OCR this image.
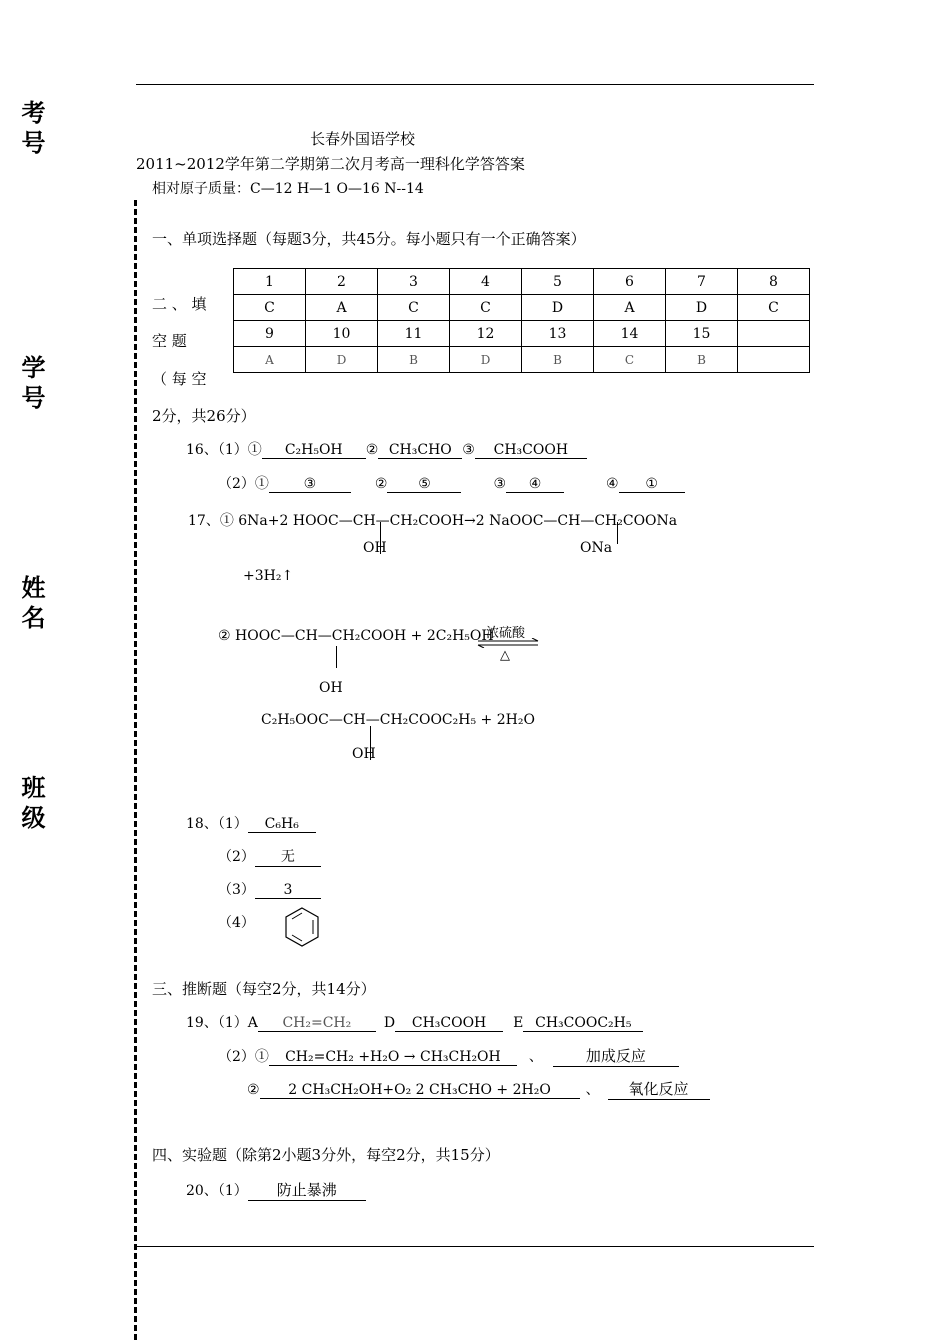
考号
学号
姓名
班级
长春外国语学校
2011~2012学年第二学期第二次月考高一理科化学答答案
相对原子质量：C—12 H—1 O—16 N--14
一、单项选择题（每题3分，共45分。每小题只有一个正确答案）
1	2	3	4	5	6	7	8
C	A	C	C	D	A	D	C
9	10	11	12	13	14	15	
A	D	B	D	B	C	B	
二 、 填
空 题
（ 每 空
2分，共26分）
16、（1）① C₂H₅OH ② CH₃CHO ③ CH₃COOH
（2）① ③	② ⑤	③ ④	④ ①
17、① 6Na+2 HOOC—CH—CH₂COOH→2 NaOOC—CH—CH₂COONa
OH	ONa
+3H₂↑
② HOOC—CH—CH₂COOH + 2C₂H₅OH
浓硫酸
△
OH
C₂H₅OOC—CH—CH₂COOC₂H₅ + 2H₂O
OH
18、（1） C₆H₆
（2） 无
（3） 3
（4）
三、推断题（每空2分，共14分）
19、（1）A CH₂=CH₂ D CH₃COOH E CH₃COOC₂H₅
（2）① CH₂=CH₂ +H₂O → CH₃CH₂OH 、	加成反应
② 2 CH₃CH₂OH+O₂ 2 CH₃CHO + 2H₂O 、 氧化反应
四、实验题（除第2小题3分外，每空2分，共15分）
20、（1） 防止暴沸
